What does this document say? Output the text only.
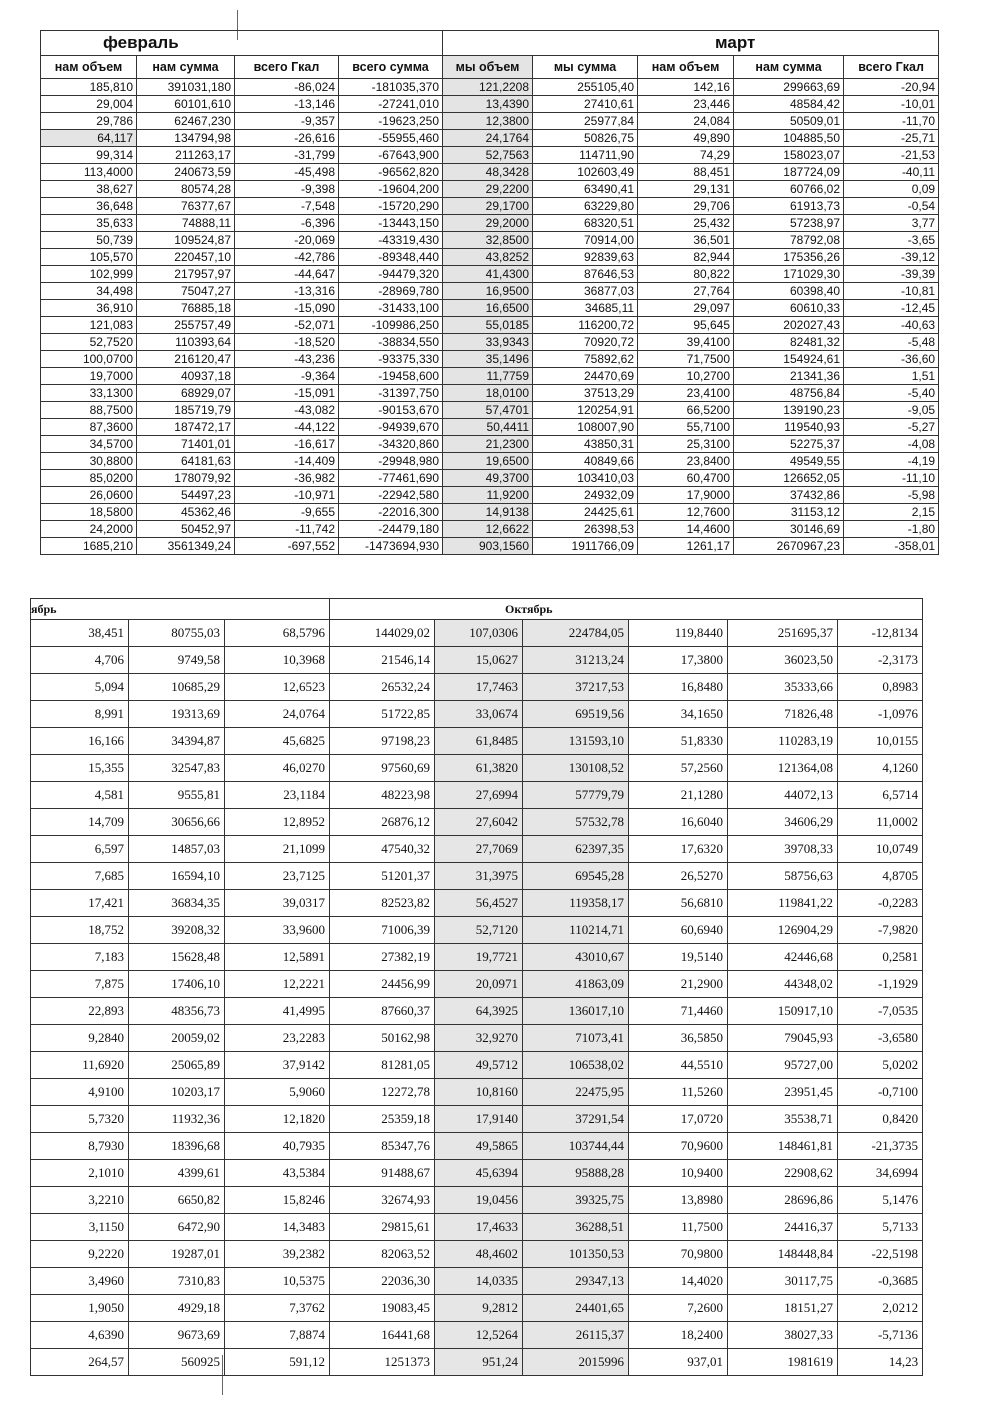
февраль				март				
нам объем	нам сумма	всего Гкал	всего сумма	мы объем	мы сумма	нам объем	нам сумма	всего Гкал
185,810	391031,180	-86,024	-181035,370	121,2208	255105,40	142,16	299663,69	-20,94
29,004	60101,610	-13,146	-27241,010	13,4390	27410,61	23,446	48584,42	-10,01
29,786	62467,230	-9,357	-19623,250	12,3800	25977,84	24,084	50509,01	-11,70
64,117	134794,98	-26,616	-55955,460	24,1764	50826,75	49,890	104885,50	-25,71
99,314	211263,17	-31,799	-67643,900	52,7563	114711,90	74,29	158023,07	-21,53
113,4000	240673,59	-45,498	-96562,820	48,3428	102603,49	88,451	187724,09	-40,11
38,627	80574,28	-9,398	-19604,200	29,2200	63490,41	29,131	60766,02	0,09
36,648	76377,67	-7,548	-15720,290	29,1700	63229,80	29,706	61913,73	-0,54
35,633	74888,11	-6,396	-13443,150	29,2000	68320,51	25,432	57238,97	3,77
50,739	109524,87	-20,069	-43319,430	32,8500	70914,00	36,501	78792,08	-3,65
105,570	220457,10	-42,786	-89348,440	43,8252	92839,63	82,944	175356,26	-39,12
102,999	217957,97	-44,647	-94479,320	41,4300	87646,53	80,822	171029,30	-39,39
34,498	75047,27	-13,316	-28969,780	16,9500	36877,03	27,764	60398,40	-10,81
36,910	76885,18	-15,090	-31433,100	16,6500	34685,11	29,097	60610,33	-12,45
121,083	255757,49	-52,071	-109986,250	55,0185	116200,72	95,645	202027,43	-40,63
52,7520	110393,64	-18,520	-38834,550	33,9343	70920,72	39,4100	82481,32	-5,48
100,0700	216120,47	-43,236	-93375,330	35,1496	75892,62	71,7500	154924,61	-36,60
19,7000	40937,18	-9,364	-19458,600	11,7759	24470,69	10,2700	21341,36	1,51
33,1300	68929,07	-15,091	-31397,750	18,0100	37513,29	23,4100	48756,84	-5,40
88,7500	185719,79	-43,082	-90153,670	57,4701	120254,91	66,5200	139190,23	-9,05
87,3600	187472,17	-44,122	-94939,670	50,4411	108007,90	55,7100	119540,93	-5,27
34,5700	71401,01	-16,617	-34320,860	21,2300	43850,31	25,3100	52275,37	-4,08
30,8800	64181,63	-14,409	-29948,980	19,6500	40849,66	23,8400	49549,55	-4,19
85,0200	178079,92	-36,982	-77461,690	49,3700	103410,03	60,4700	126652,05	-11,10
26,0600	54497,23	-10,971	-22942,580	11,9200	24932,09	17,9000	37432,86	-5,98
18,5800	45362,46	-9,655	-22016,300	14,9138	24425,61	12,7600	31153,12	2,15
24,2000	50452,97	-11,742	-24479,180	12,6622	26398,53	14,4600	30146,69	-1,80
1685,210	3561349,24	-697,552	-1473694,930	903,1560	1911766,09	1261,17	2670967,23	-358,01
ябрь			Октябрь					
38,451	80755,03	68,5796	144029,02	107,0306	224784,05	119,8440	251695,37	-12,8134
4,706	9749,58	10,3968	21546,14	15,0627	31213,24	17,3800	36023,50	-2,3173
5,094	10685,29	12,6523	26532,24	17,7463	37217,53	16,8480	35333,66	0,8983
8,991	19313,69	24,0764	51722,85	33,0674	69519,56	34,1650	71826,48	-1,0976
16,166	34394,87	45,6825	97198,23	61,8485	131593,10	51,8330	110283,19	10,0155
15,355	32547,83	46,0270	97560,69	61,3820	130108,52	57,2560	121364,08	4,1260
4,581	9555,81	23,1184	48223,98	27,6994	57779,79	21,1280	44072,13	6,5714
14,709	30656,66	12,8952	26876,12	27,6042	57532,78	16,6040	34606,29	11,0002
6,597	14857,03	21,1099	47540,32	27,7069	62397,35	17,6320	39708,33	10,0749
7,685	16594,10	23,7125	51201,37	31,3975	69545,28	26,5270	58756,63	4,8705
17,421	36834,35	39,0317	82523,82	56,4527	119358,17	56,6810	119841,22	-0,2283
18,752	39208,32	33,9600	71006,39	52,7120	110214,71	60,6940	126904,29	-7,9820
7,183	15628,48	12,5891	27382,19	19,7721	43010,67	19,5140	42446,68	0,2581
7,875	17406,10	12,2221	24456,99	20,0971	41863,09	21,2900	44348,02	-1,1929
22,893	48356,73	41,4995	87660,37	64,3925	136017,10	71,4460	150917,10	-7,0535
9,2840	20059,02	23,2283	50162,98	32,9270	71073,41	36,5850	79045,93	-3,6580
11,6920	25065,89	37,9142	81281,05	49,5712	106538,02	44,5510	95727,00	5,0202
4,9100	10203,17	5,9060	12272,78	10,8160	22475,95	11,5260	23951,45	-0,7100
5,7320	11932,36	12,1820	25359,18	17,9140	37291,54	17,0720	35538,71	0,8420
8,7930	18396,68	40,7935	85347,76	49,5865	103744,44	70,9600	148461,81	-21,3735
2,1010	4399,61	43,5384	91488,67	45,6394	95888,28	10,9400	22908,62	34,6994
3,2210	6650,82	15,8246	32674,93	19,0456	39325,75	13,8980	28696,86	5,1476
3,1150	6472,90	14,3483	29815,61	17,4633	36288,51	11,7500	24416,37	5,7133
9,2220	19287,01	39,2382	82063,52	48,4602	101350,53	70,9800	148448,84	-22,5198
3,4960	7310,83	10,5375	22036,30	14,0335	29347,13	14,4020	30117,75	-0,3685
1,9050	4929,18	7,3762	19083,45	9,2812	24401,65	7,2600	18151,27	2,0212
4,6390	9673,69	7,8874	16441,68	12,5264	26115,37	18,2400	38027,33	-5,7136
264,57	560925	591,12	1251373	951,24	2015996	937,01	1981619	14,23
